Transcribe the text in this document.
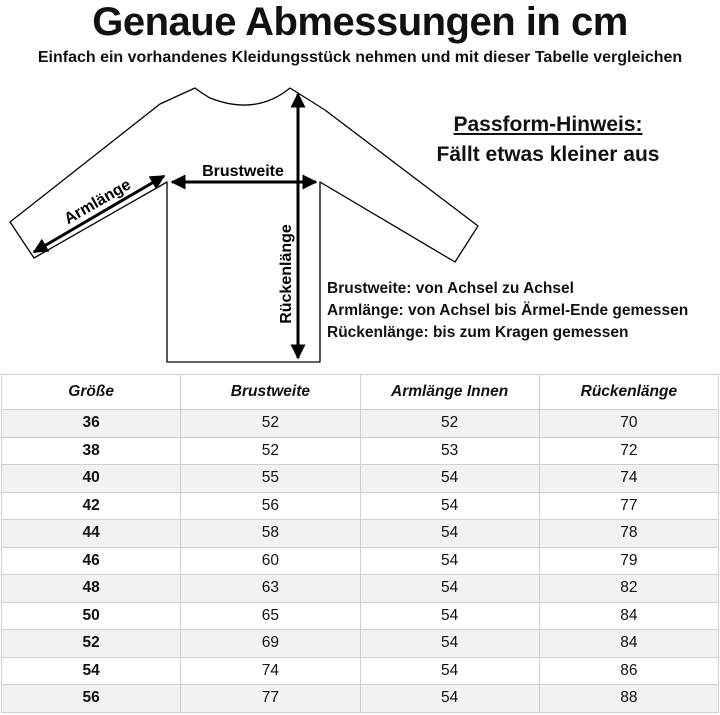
Genaue Abmessungen in cm
Einfach ein vorhandenes Kleidungsstück nehmen und mit dieser Tabelle vergleichen
Brustweite
Armlänge
Rückenlänge
Passform-Hinweis:
Fällt etwas kleiner aus
Brustweite: von Achsel zu Achsel
Armlänge: von Achsel bis Ärmel-Ende gemessen
Rückenlänge: bis zum Kragen gemessen
Größe	Brustweite	Armlänge Innen	Rückenlänge
36	52	52	70
38	52	53	72
40	55	54	74
42	56	54	77
44	58	54	78
46	60	54	79
48	63	54	82
50	65	54	84
52	69	54	84
54	74	54	86
56	77	54	88
